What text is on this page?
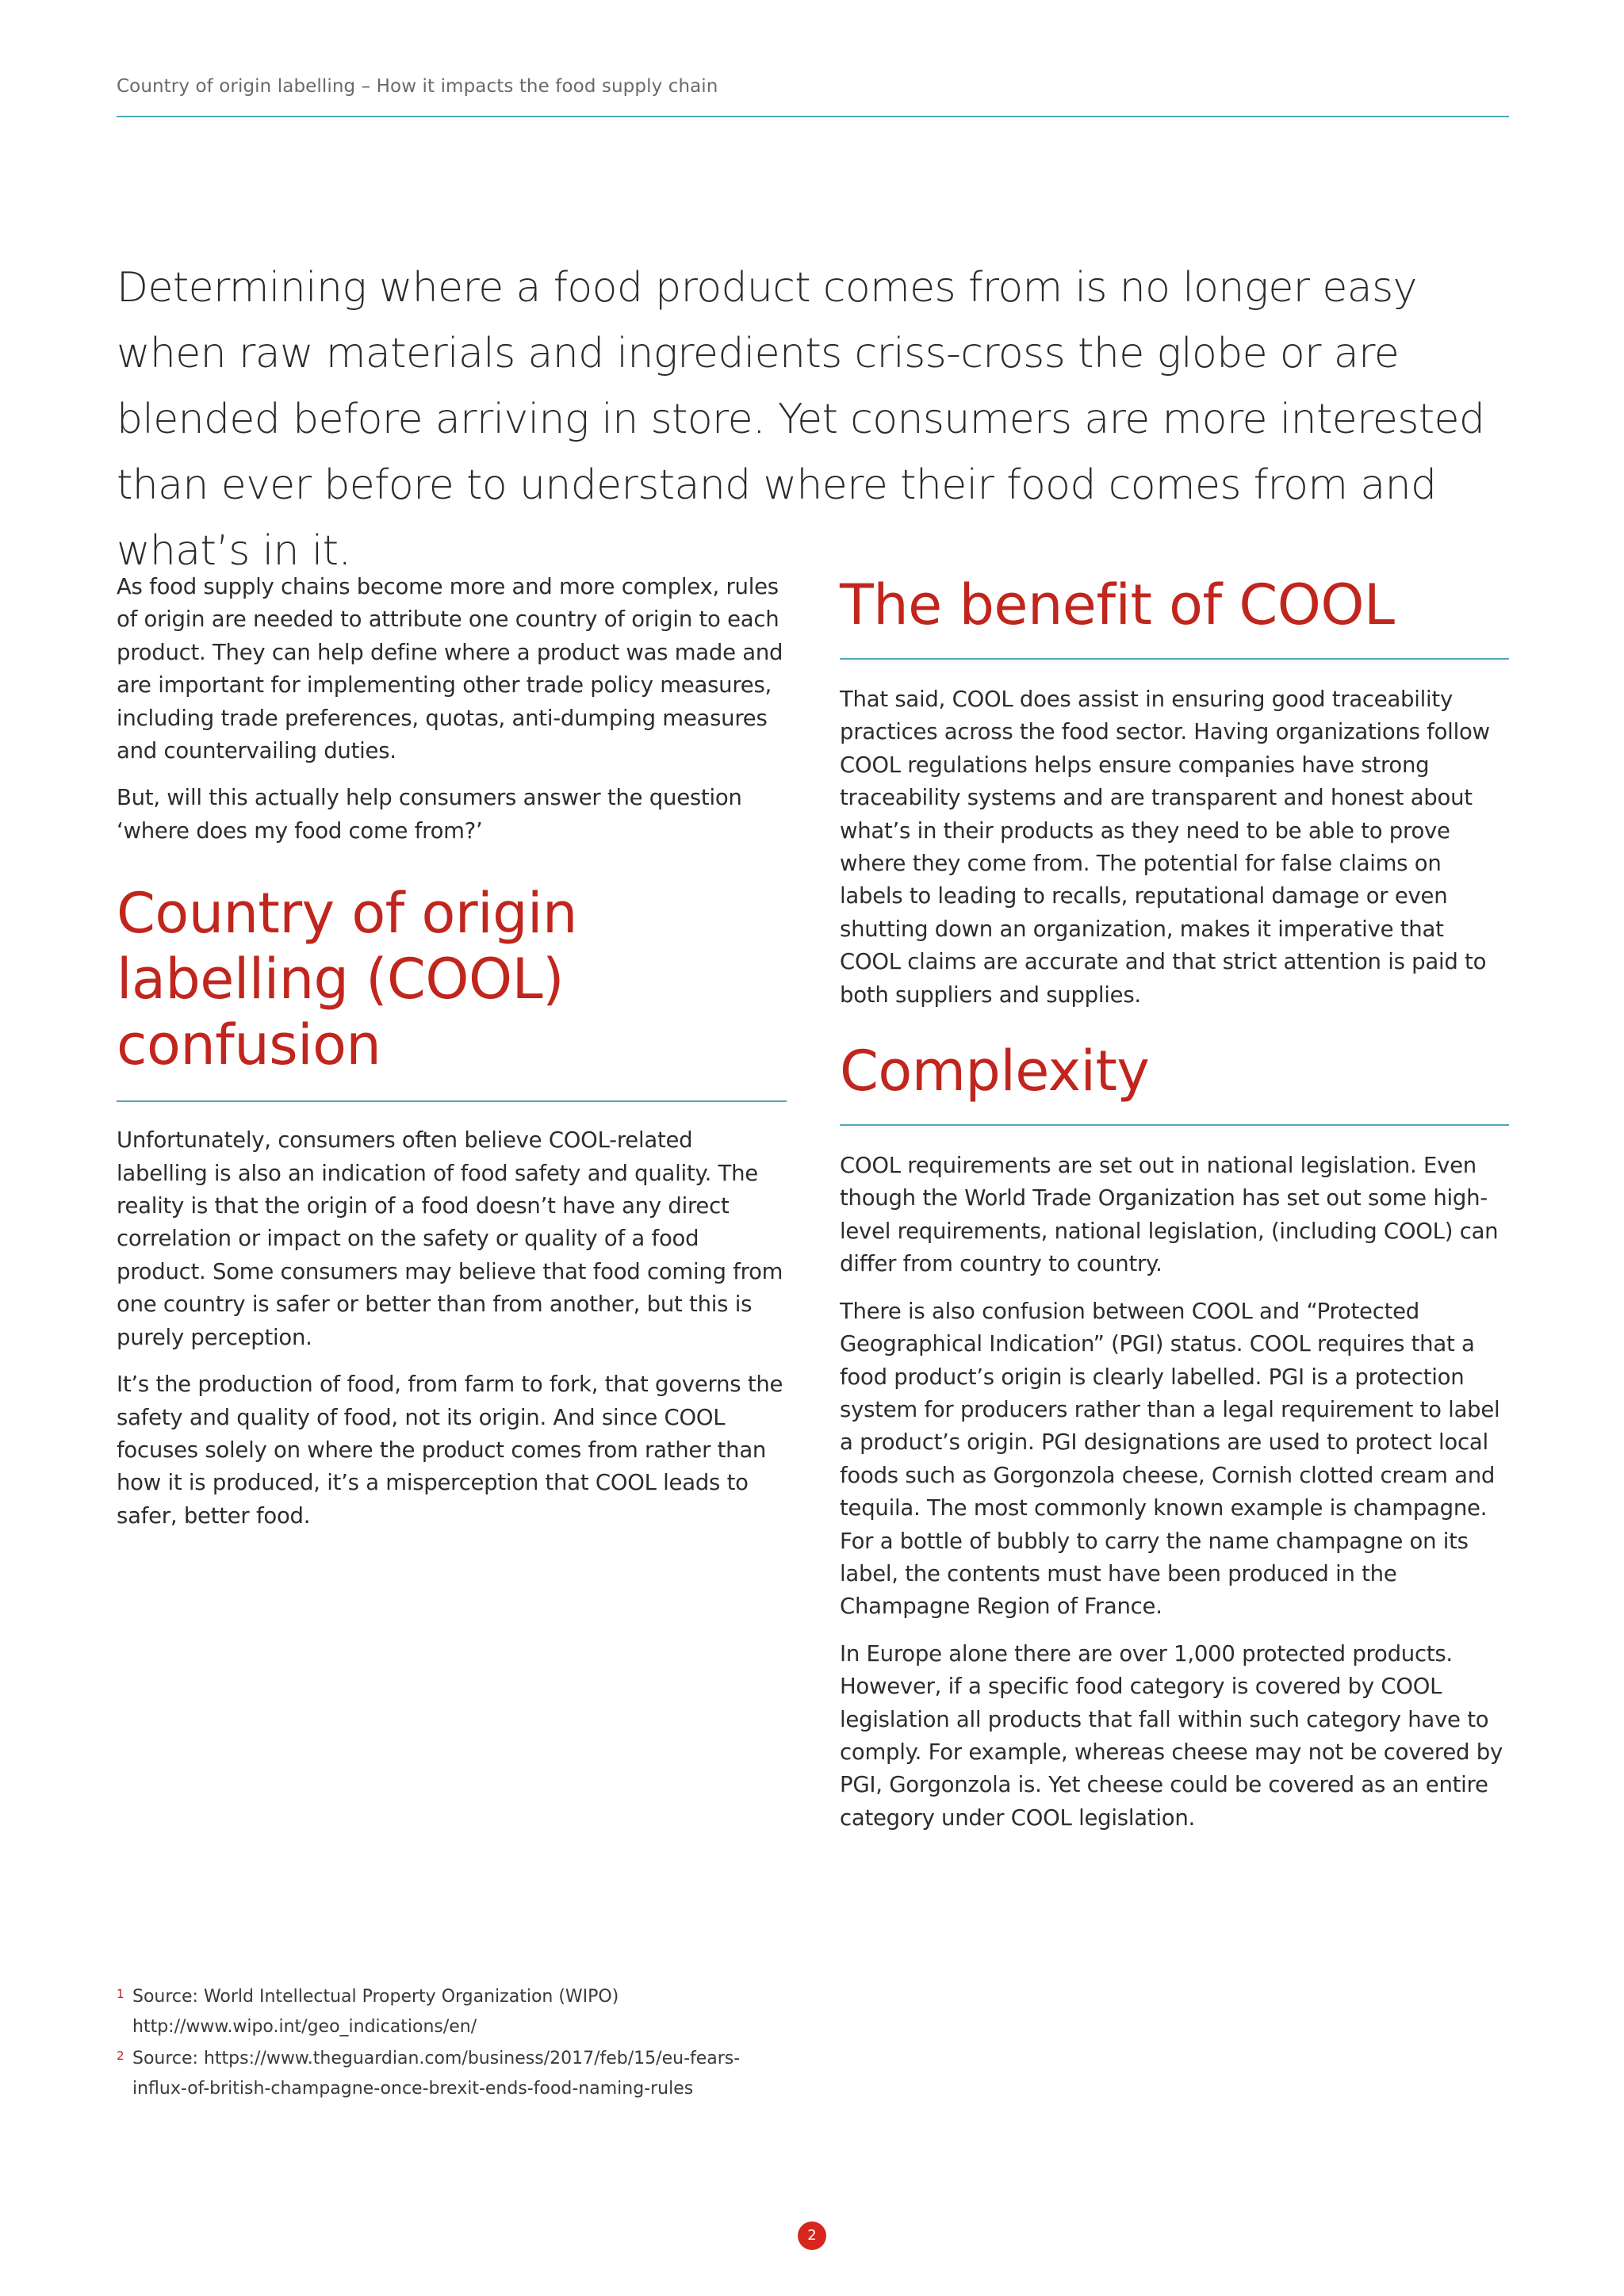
Country of origin labelling – How it impacts the food supply chain

Determining where a food product comes from is no longer easy when raw materials and ingredients criss-cross the globe or are blended before arriving in store. Yet consumers are more interested than ever before to understand where their food comes from and what’s in it.

As food supply chains become more and more complex, rules of origin are needed to attribute one country of origin to each product. They can help define where a product was made and are important for implementing other trade policy measures, including trade preferences, quotas, anti-dumping measures and countervailing duties.

But, will this actually help consumers answer the question ‘where does my food come from?’

Country of origin labelling (COOL) confusion

Unfortunately, consumers often believe COOL-related labelling is also an indication of food safety and quality. The reality is that the origin of a food doesn’t have any direct correlation or impact on the safety or quality of a food product. Some consumers may believe that food coming from one country is safer or better than from another, but this is purely perception.

It’s the production of food, from farm to fork, that governs the safety and quality of food, not its origin. And since COOL focuses solely on where the product comes from rather than how it is produced, it’s a misperception that COOL leads to safer, better food.

The benefit of COOL

That said, COOL does assist in ensuring good traceability practices across the food sector. Having organizations follow COOL regulations helps ensure companies have strong traceability systems and are transparent and honest about what’s in their products as they need to be able to prove where they come from. The potential for false claims on labels to leading to recalls, reputational damage or even shutting down an organization, makes it imperative that COOL claims are accurate and that strict attention is paid to both suppliers and supplies.

Complexity

COOL requirements are set out in national legislation. Even though the World Trade Organization has set out some high-level requirements, national legislation, (including COOL) can differ from country to country.

There is also confusion between COOL and “Protected Geographical Indication” (PGI) status. COOL requires that a food product’s origin is clearly labelled. PGI is a protection system for producers rather than a legal requirement to label a product’s origin. PGI designations are used to protect local foods such as Gorgonzola cheese, Cornish clotted cream and tequila. The most commonly known example is champagne. For a bottle of bubbly to carry the name champagne on its label, the contents must have been produced in the Champagne Region of France.

In Europe alone there are over 1,000 protected products. However, if a specific food category is covered by COOL legislation all products that fall within such category have to comply. For example, whereas cheese may not be covered by PGI, Gorgonzola is. Yet cheese could be covered as an entire category under COOL legislation.

1 Source: World Intellectual Property Organization (WIPO)
http://www.wipo.int/geo_indications/en/
2 Source: https://www.theguardian.com/business/2017/feb/15/eu-fears-
influx-of-british-champagne-once-brexit-ends-food-naming-rules
2
